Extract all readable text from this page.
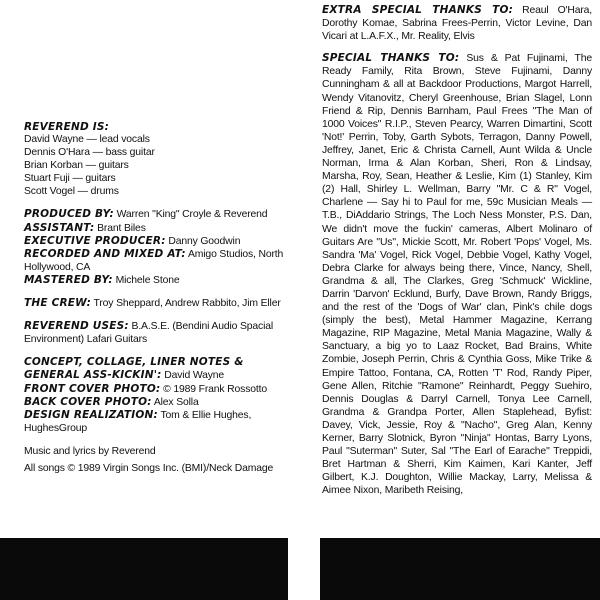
REVEREND IS:
David Wayne — lead vocals
Dennis O'Hara — bass guitar
Brian Korban — guitars
Stuart Fuji — guitars
Scott Vogel — drums
PRODUCED BY: Warren "King" Croyle & Reverend
ASSISTANT: Brant Biles
EXECUTIVE PRODUCER: Danny Goodwin
RECORDED AND MIXED AT: Amigo Studios, North Hollywood, CA
MASTERED BY: Michele Stone
THE CREW: Troy Sheppard, Andrew Rabbito, Jim Eller
REVEREND USES: B.A.S.E. (Bendini Audio Spacial Environment) Lafari Guitars
CONCEPT, COLLAGE, LINER NOTES & GENERAL ASS-KICKIN': David Wayne
FRONT COVER PHOTO: © 1989 Frank Rossotto
BACK COVER PHOTO: Alex Solla
DESIGN REALIZATION: Tom & Ellie Hughes, HughesGroup
Music and lyrics by Reverend
All songs © 1989 Virgin Songs Inc. (BMI)/Neck Damage
EXTRA SPECIAL THANKS TO: Reaul O'Hara, Dorothy Komae, Sabrina Frees-Perrin, Victor Levine, Dan Vicari at L.A.F.X., Mr. Reality, Elvis
SPECIAL THANKS TO: Sus & Pat Fujinami, The Ready Family, Rita Brown, Steve Fujinami, Danny Cunningham & all at Backdoor Productions, Margot Harrell, Wendy Vitanovitz, Cheryl Greenhouse, Brian Slagel, Lonn Friend & Rip, Dennis Barnham, Paul Frees "The Man of 1000 Voices" R.I.P., Steven Pearcy, Warren Dimartini, Scott 'Not!' Perrin, Toby, Garth Sybots, Terragon, Danny Powell, Jeffrey, Janet, Eric & Christa Carnell, Aunt Wilda & Uncle Norman, Irma & Alan Korban, Sheri, Ron & Lindsay, Marsha, Roy, Sean, Heather & Leslie, Kim (1) Stanley, Kim (2) Hall, Shirley L. Wellman, Barry "Mr. C & R" Vogel, Charlene — Say hi to Paul for me, 59c Musician Meals — T.B., DiAddario Strings, The Loch Ness Monster, P.S. Dan, We didn't move the fuckin' cameras, Albert Molinaro of Guitars Are "Us", Mickie Scott, Mr. Robert 'Pops' Vogel, Ms. Sandra 'Ma' Vogel, Rick Vogel, Debbie Vogel, Kathy Vogel, Debra Clarke for always being there, Vince, Nancy, Shell, Grandma & all, The Clarkes, Greg 'Schmuck' Wickline, Darrin 'Darvon' Ecklund, Burfy, Dave Brown, Randy Briggs, and the rest of the 'Dogs of War' clan, Pink's chile dogs (simply the best), Metal Hammer Magazine, Kerrang Magazine, RIP Magazine, Metal Mania Magazine, Wally & Sanctuary, a big yo to Laaz Rocket, Bad Brains, White Zombie, Joseph Perrin, Chris & Cynthia Goss, Mike Trike & Empire Tattoo, Fontana, CA, Rotten 'T' Rod, Randy Piper, Gene Allen, Ritchie "Ramone" Reinhardt, Peggy Suehiro, Dennis Douglas & Darryl Carnell, Tonya Lee Carnell, Grandma & Grandpa Porter, Allen Staplehead, Byfist: Davey, Vick, Jessie, Roy & "Nacho", Greg Alan, Kenny Kerner, Barry Slotnick, Byron "Ninja" Hontas, Barry Lyons, Paul "Suterman" Suter, Sal "The Earl of Earache" Treppidi, Bret Hartman & Sherri, Kim Kaimen, Kari Kanter, Jeff Gilbert, K.J. Doughton, Willie Mackay, Larry, Melissa & Aimee Nixon, Maribeth Reising,
